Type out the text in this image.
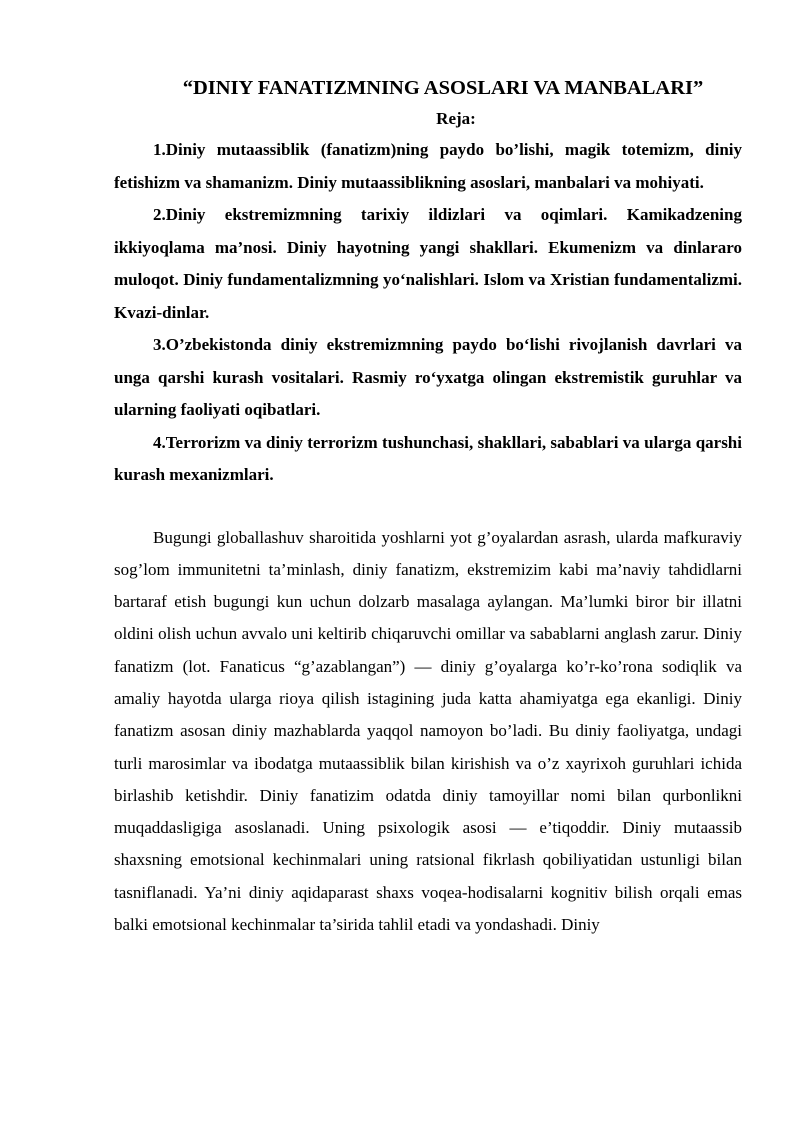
“DINIY FANATIZMNING ASOSLARI VA MANBALARI”
Reja:

1.Diniy mutaassiblik (fanatizm)ning paydo bo’lishi, magik totemizm, diniy fetishizm va shamanizm. Diniy mutaassiblikning asoslari, manbalari va mohiyati.

2.Diniy ekstremizmning tarixiy ildizlari va oqimlari. Kamikadzening ikkiyoqlama ma’nosi. Diniy hayotning yangi shakllari. Ekumenizm va dinlararo muloqot. Diniy fundamentalizmning yo‘nalishlari. Islom va Xristian fundamentalizmi. Kvazi-dinlar.

3.O’zbekistonda diniy ekstremizmning paydo bo‘lishi rivojlanish davrlari va unga qarshi kurash vositalari. Rasmiy ro‘yxatga olingan ekstremistik guruhlar va ularning faoliyati oqibatlari.

4.Terrorizm va diniy terrorizm tushunchasi, shakllari, sabablari va ularga qarshi kurash mexanizmlari.

Bugungi globallashuv sharoitida yoshlarni yot g’oyalardan asrash, ularda mafkuraviy sog’lom immunitetni ta’minlash, diniy fanatizm, ekstremizim kabi ma’naviy tahdidlarni bartaraf etish bugungi kun uchun dolzarb masalaga aylangan. Ma’lumki biror bir illatni oldini olish uchun avvalo uni keltirib chiqaruvchi omillar va sabablarni anglash zarur. Diniy fanatizm (lot. Fanaticus “g’azablangan”) — diniy g’oyalarga ko’r-ko’rona sodiqlik va amaliy hayotda ularga rioya qilish istagining juda katta ahamiyatga ega ekanligi. Diniy fanatizm asosan diniy mazhablarda yaqqol namoyon bo’ladi. Bu diniy faoliyatga, undagi turli marosimlar va ibodatga mutaassiblik bilan kirishish va o’z xayrixoh guruhlari ichida birlashib ketishdir. Diniy fanatizim odatda diniy tamoyillar nomi bilan qurbonlikni muqaddasligiga asoslanadi. Uning psixologik asosi — e’tiqoddir. Diniy mutaassib shaxsning emotsional kechinmalari uning ratsional fikrlash qobiliyatidan ustunligi bilan tasniflanadi. Ya’ni diniy aqidaparast shaxs voqea-hodisalarni kognitiv bilish orqali emas balki emotsional kechinmalar ta’sirida tahlil etadi va yondashadi. Diniy
